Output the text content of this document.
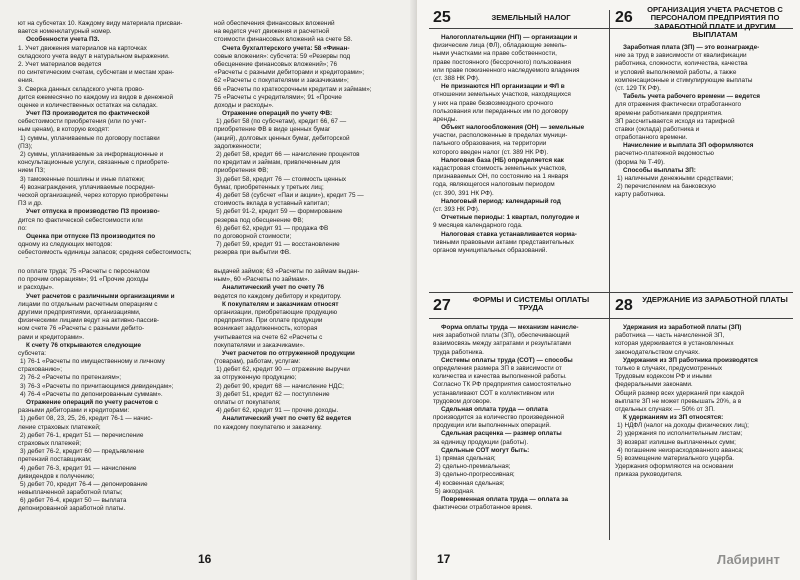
ют на субсчетах 10. Каждому виду материала присваи-

вается номенклатурный номер.

Особенности учета ПЗ.

1. Учет движения материалов на карточках

складского учета ведут в натуральном выражении.

2. Учет материалов ведется

по синтетическим счетам, субсчетам и местам хран-

ения.

3. Сверка данных складского учета прово-

дится ежемесячно по каждому из видов в денежной

оценке и количественных остатках на складах.

Учет ПЗ производится по фактической

себестоимости приобретения (или по учет-

ным ценам), в которую входят:

1) суммы, уплачиваемые по договору поставки

(ПЗ);

2) суммы, уплачиваемые за информационные и

консультационные услуги, связанные с приобрете-

нием ПЗ;

3) таможенные пошлины и иные платежи;

4) вознаграждения, уплачиваемые посредни-

ческой организацией, через которую приобретены

ПЗ и др.

Учет отпуска в производство ПЗ произво-

дится по фактической себестоимости или

по:

Оценка при отпуске ПЗ производится по

одному из следующих методов:

себестоимость единицы запасов; средняя себестоимость;

ной обеспечения финансовых вложений

на ведется учет движения и расчетной

стоимости финансовых вложений на счете 58.

Счета бухгалтерского учета: 58 «Финан-

совые вложения»: субсчета: 59 «Резервы под

обесценение финансовых вложений»; 76

«Расчеты с разными дебиторами и кредиторами»;

62 «Расчеты с покупателями и заказчиками»;

66 «Расчеты по краткосрочным кредитам и займам»;

75 «Расчеты с учредителями»; 91 «Прочие

доходы и расходы».

Отражение операций по учету ФВ:

1) дебет 58 (по субсчетам), кредит 66, 67 —

приобретение ФВ в виде ценных бумаг

(акций), долговых ценных бумаг, дебиторской

задолженности;

2) дебет 58, кредит 66 — начисление процентов

по кредитам и займам, привлеченным для

приобретения ФВ;

3) дебет 58, кредит 76 — стоимость ценных

бумаг, приобретенных у третьих лиц;

4) дебет 58 (субсчет «Паи и акции»), кредит 75 —

стоимость вклада в уставный капитал;

5) дебет 91-2, кредит 59 — формирование

резерва под обесценение ФВ;

6) дебет 62, кредит 91 — продажа ФВ

по договорной стоимости;

7) дебет 59, кредит 91 — восстановление

резерва при выбытии ФВ.

по оплате труда; 75 «Расчеты с персоналом

по прочим операциям»; 91 «Прочие доходы

и расходы».

Учет расчетов с различными организациями и

лицами по отдельным расчетным операциям с

другими предприятиями, организациями,

физическими лицами ведут на активно-пассив-

ном счете 76 «Расчеты с разными дебито-

рами и кредиторами».

К счету 76 открываются следующие

субсчета:

1) 76-1 «Расчеты по имущественному и личному

страхованию»;

2) 76-2 «Расчеты по претензиям»;

3) 76-3 «Расчеты по причитающимся дивидендам»;

4) 76-4 «Расчеты по депонированным суммам».

Отражение операций по учету расчетов с

разными дебиторами и кредиторами:

1) дебет 08, 23, 25, 26, кредит 76-1 — начис-

ление страховых платежей;

2) дебет 76-1, кредит 51 — перечисление

страховых платежей;

3) дебет 76-2, кредит 60 — предъявление

претензий поставщикам;

4) дебет 76-3, кредит 91 — начисление

дивидендов к получению;

5) дебет 70, кредит 76-4 — депонирование

невыплаченной заработной платы;

6) дебет 76-4, кредит 50 — выплата

депонированной заработной платы.

выдачей займов; 63 «Расчеты по займам выдан-

ным», 60 «Расчеты по займам».

Аналитический учет по счету 76

ведется по каждому дебитору и кредитору.

К покупателям и заказчикам относят

организации, приобретающие продукцию

предприятия. При оплате продукции

возникает задолженность, которая

учитывается на счете 62 «Расчеты с

покупателями и заказчиками».

Учет расчетов по отгруженной продукции

(товарам), работам, услугам:

1) дебет 62, кредит 90 — отражение выручки

за отгруженную продукцию;

2) дебет 90, кредит 68 — начисление НДС;

3) дебет 51, кредит 62 — поступление

оплаты от покупателя;

4) дебет 62, кредит 91 — прочие доходы.

Аналитический учет по счету 62 ведется

по каждому покупателю и заказчику.

16
25	ЗЕМЕЛЬНЫЙ НАЛОГ

Налогоплательщики (НП) — организации и

физические лица (ФЛ), обладающие земель-

ными участками на праве собственности,

праве постоянного (бессрочного) пользования

или праве пожизненного наследуемого владения

(ст. 388 НК РФ).

Не признаются НП организации и ФЛ в

отношении земельных участков, находящихся

у них на праве безвозмездного срочного

пользования или переданных им по договору

аренды.

Объект налогообложения (ОН) — земельные

участки, расположенные в пределах муници-

пального образования, на территории

которого введен налог (ст. 389 НК РФ).

Налоговая база (НБ) определяется как

кадастровая стоимость земельных участков,

признаваемых ОН, по состоянию на 1 января

года, являющегося налоговым периодом

(ст. 390, 391 НК РФ).

Налоговый период: календарный год

(ст. 393 НК РФ).

Отчетные периоды: 1 квартал, полугодие и

9 месяцев календарного года.

Налоговая ставка устанавливается норма-

тивными правовыми актами представительных

органов муниципальных образований.

26	ОРГАНИЗАЦИЯ УЧЕТА РАСЧЕТОВ С ПЕРСОНАЛОМ ПРЕДПРИЯТИЯ ПО ЗАРАБОТНОЙ ПЛАТЕ И ДРУГИМ ВЫПЛАТАМ

Заработная плата (ЗП) — это вознагражде-

ние за труд в зависимости от квалификации

работника, сложности, количества, качества

и условий выполняемой работы, а также

компенсационные и стимулирующие выплаты

(ст. 129 ТК РФ).

Табель учета рабочего времени — ведется

для отражения фактически отработанного

времени работниками предприятия.

ЗП рассчитывается исходя из тарифной

ставки (оклада) работника и

отработанного времени.

Начисление и выплата ЗП оформляются

расчетно-платежной ведомостью

(форма № Т-49).

Способы выплаты ЗП:

1) наличными денежными средствами;

2) перечислением на банковскую

карту работника.

27	ФОРМЫ И СИСТЕМЫ ОПЛАТЫ ТРУДА

Форма оплаты труда — механизм начисле-

ния заработной платы (ЗП), обеспечивающий

взаимосвязь между затратами и результатами

труда работника.

Системы оплаты труда (СОТ) — способы

определения размера ЗП в зависимости от

количества и качества выполненной работы.

Согласно ТК РФ предприятия самостоятельно

устанавливают СОТ в коллективном или

трудовом договоре.

Сдельная оплата труда — оплата

производится за количество произведенной

продукции или выполненных операций.

Сдельная расценка — размер оплаты

за единицу продукции (работы).

Сдельные СОТ могут быть:

1) прямая сдельная;

2) сдельно-премиальная;

3) сдельно-прогрессивная;

4) косвенная сдельная;

5) аккордная.

Повременная оплата труда — оплата за

фактически отработанное время.

28 УДЕРЖАНИЕ ИЗ ЗАРАБОТНОЙ ПЛАТЫ

Удержания из заработной платы (ЗП)

работника — часть начисленной ЗП,

которая удерживается в установленных

законодательством случаях.

Удержания из ЗП работника производятся

только в случаях, предусмотренных

Трудовым кодексом РФ и иными

федеральными законами.

Общий размер всех удержаний при каждой

выплате ЗП не может превышать 20%, а в

отдельных случаях — 50% от ЗП.

К удержаниям из ЗП относятся:

1) НДФЛ (налог на доходы физических лиц);

2) удержания по исполнительным листам;

3) возврат излишне выплаченных сумм;

4) погашение неизрасходованного аванса;

5) возмещение материального ущерба.

Удержания оформляются на основании

приказа руководителя.

17	Лабиринт
